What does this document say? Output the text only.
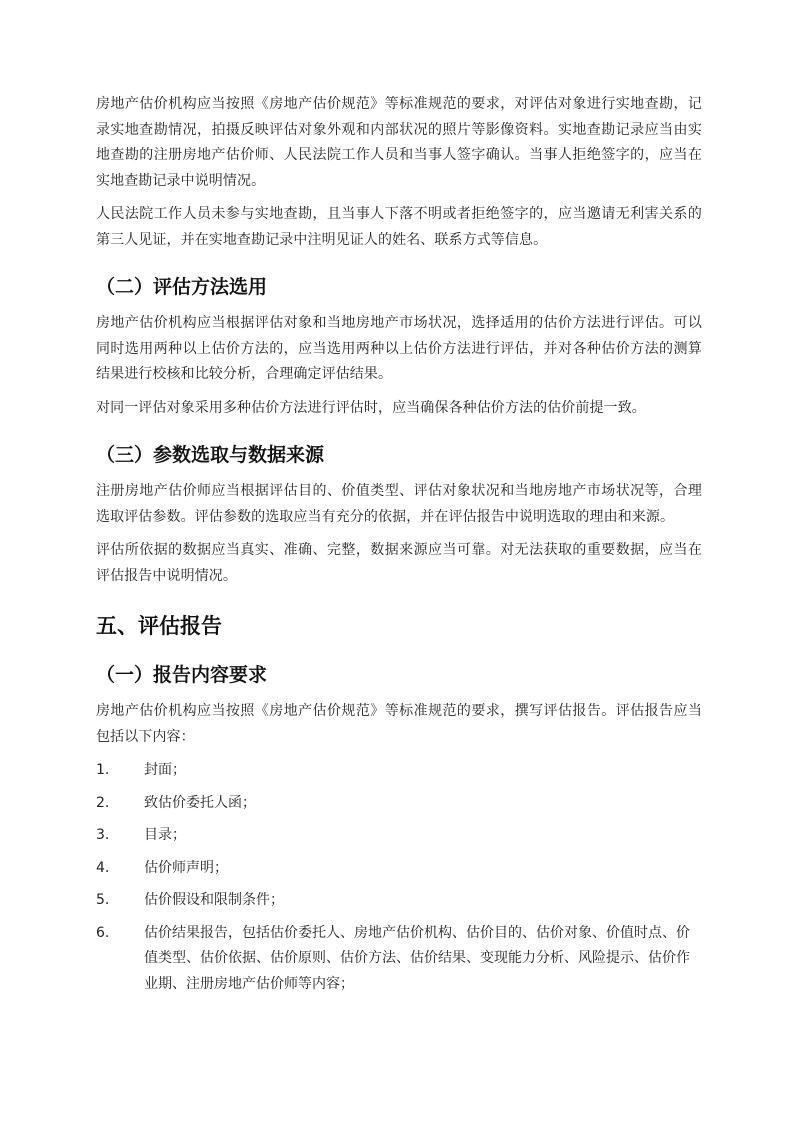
房地产估价机构应当按照《房地产估价规范》等标准规范的要求，对评估对象进行实地查勘，记录实地查勘情况，拍摄反映评估对象外观和内部状况的照片等影像资料。实地查勘记录应当由实地查勘的注册房地产估价师、人民法院工作人员和当事人签字确认。当事人拒绝签字的，应当在实地查勘记录中说明情况。

人民法院工作人员未参与实地查勘，且当事人下落不明或者拒绝签字的，应当邀请无利害关系的第三人见证，并在实地查勘记录中注明见证人的姓名、联系方式等信息。

（二）评估方法选用

房地产估价机构应当根据评估对象和当地房地产市场状况，选择适用的估价方法进行评估。可以同时选用两种以上估价方法的，应当选用两种以上估价方法进行评估，并对各种估价方法的测算结果进行校核和比较分析，合理确定评估结果。

对同一评估对象采用多种估价方法进行评估时，应当确保各种估价方法的估价前提一致。

（三）参数选取与数据来源

注册房地产估价师应当根据评估目的、价值类型、评估对象状况和当地房地产市场状况等，合理选取评估参数。评估参数的选取应当有充分的依据，并在评估报告中说明选取的理由和来源。

评估所依据的数据应当真实、准确、完整，数据来源应当可靠。对无法获取的重要数据，应当在评估报告中说明情况。

五、评估报告
（一）报告内容要求

房地产估价机构应当按照《房地产估价规范》等标准规范的要求，撰写评估报告。评估报告应当包括以下内容：

1.	封面；
2.	致估价委托人函；
3.	目录；
4.	估价师声明；
5.	估价假设和限制条件；
6.	估价结果报告，包括估价委托人、房地产估价机构、估价目的、估价对象、价值时点、价值类型、估价依据、估价原则、估价方法、估价结果、变现能力分析、风险提示、估价作业期、注册房地产估价师等内容；
